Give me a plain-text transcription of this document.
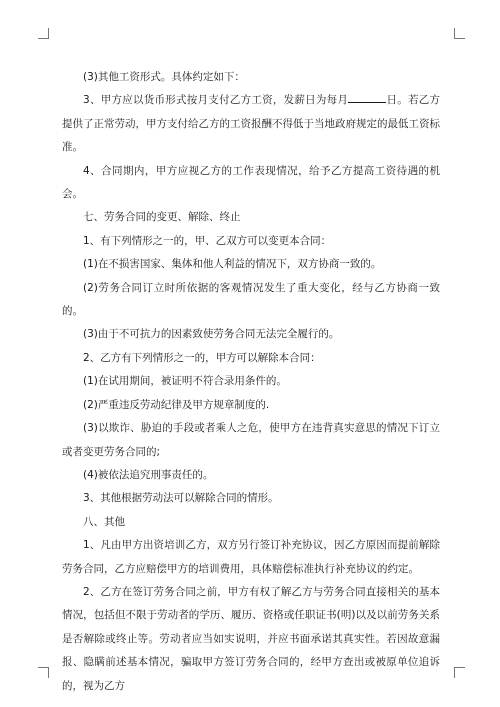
(3)其他工资形式。具体约定如下：

3、甲方应以货币形式按月支付乙方工资，发薪日为每月	日。若乙方提供了正常劳动，甲方支付给乙方的工资报酬不得低于当地政府规定的最低工资标准。

4、合同期内，甲方应视乙方的工作表现情况，给予乙方提高工资待遇的机会。

七、劳务合同的变更、解除、终止

1、有下列情形之一的，甲、乙双方可以变更本合同：

(1)在不损害国家、集体和他人利益的情况下，双方协商一致的。

(2)劳务合同订立时所依据的客观情况发生了重大变化，经与乙方协商一致的。

(3)由于不可抗力的因素致使劳务合同无法完全履行的。

2、乙方有下列情形之一的，甲方可以解除本合同：

(1)在试用期间，被证明不符合录用条件的。

(2)严重违反劳动纪律及甲方规章制度的.

(3)以欺诈、胁迫的手段或者乘人之危，使甲方在违背真实意思的情况下订立或者变更劳务合同的;

(4)被依法追究刑事责任的。

3、其他根据劳动法可以解除合同的情形。

八、其他

1、凡由甲方出资培训乙方，双方另行签订补充协议，因乙方原因而提前解除劳务合同，乙方应赔偿甲方的培训费用，具体赔偿标准执行补充协议的约定。

2、乙方在签订劳务合同之前，甲方有权了解乙方与劳务合同直接相关的基本情况，包括但不限于劳动者的学历、履历、资格或任职证书(明)以及以前劳务关系是否解除或终止等。劳动者应当如实说明，并应书面承诺其真实性。若因故意漏报、隐瞒前述基本情况，骗取甲方签订劳务合同的，经甲方查出或被原单位追诉的，视为乙方
